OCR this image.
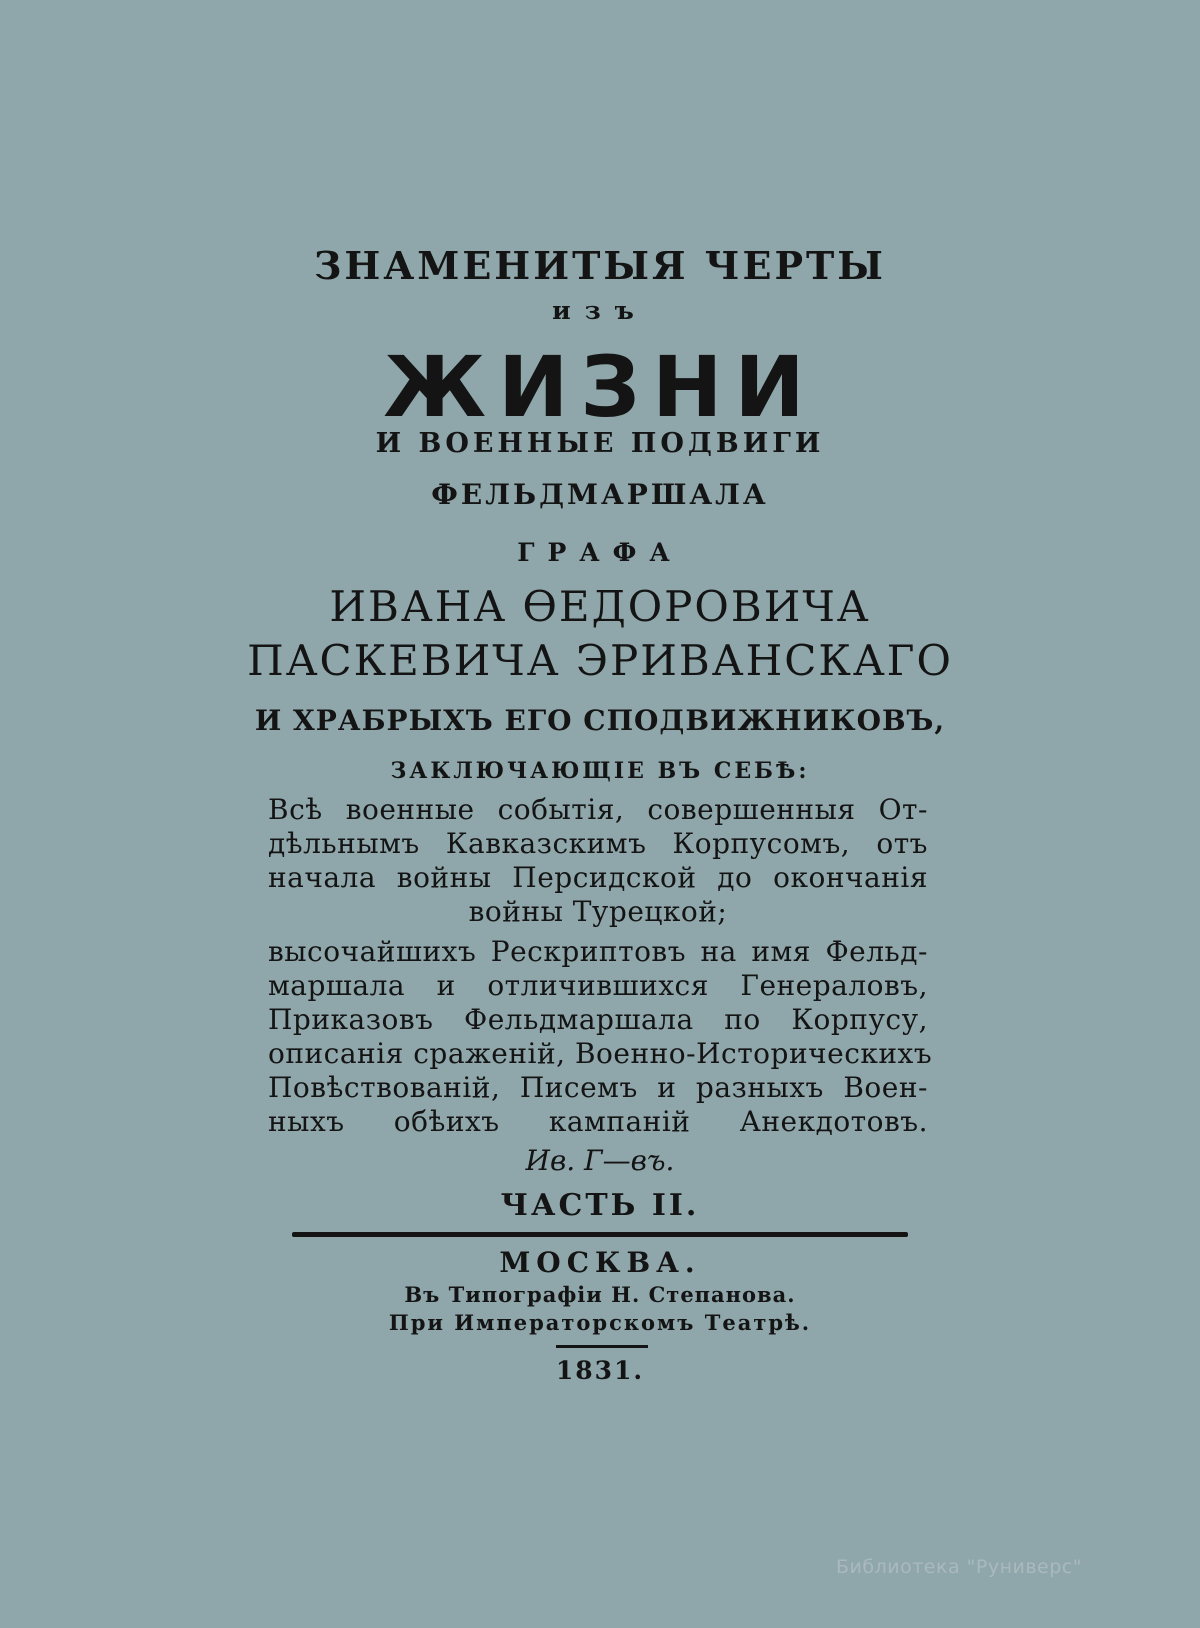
ЗНАМЕНИТЫЯ ЧЕРТЫ
изъ
ЖИЗНИ
И ВОЕННЫЕ ПОДВИГИ
ФЕЛЬДМАРШАЛА
ГРАФА
ИВАНА ӨЕДОРОВИЧА
ПАСКЕВИЧА ЭРИВАНСКАГО
И ХРАБРЫХЪ ЕГО СПОДВИЖНИКОВЪ,
ЗАКЛЮЧАЮЩІЕ ВЪ СЕБѢ:
Всѣ военные событія, совершенныя От-
дѣльнымъ Кавказскимъ Корпусомъ, отъ
начала войны Персидской до окончанія
войны Турецкой;
высочайшихъ Рескриптовъ на имя Фельд-
маршала и отличившихся Генераловъ,
Приказовъ Фельдмаршала по Корпусу,
описанія сраженій, Военно-Историческихъ
Повѣствованій, Писемъ и разныхъ Воен-
ныхъ обѣихъ кампаній Анекдотовъ.
Ив. Г—въ.
ЧАСТЬ II.
МОСКВА.
Въ Типографіи Н. Степанова.
При Императорскомъ Театрѣ.
1831.
Библиотека "Руниверс"
